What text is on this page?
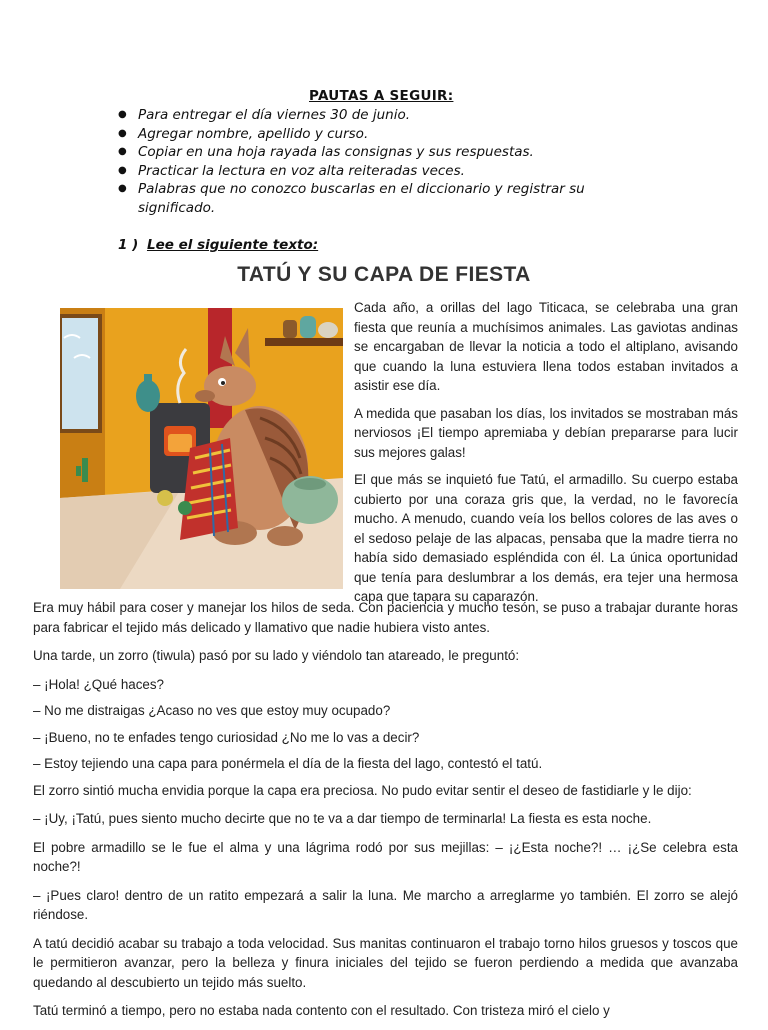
PAUTAS A SEGUIR:
● Para entregar el día viernes 30 de junio.
● Agregar nombre, apellido y curso.
● Copiar en una hoja rayada las consignas y sus respuestas.
● Practicar la lectura en voz alta reiteradas veces.
● Palabras que no conozco buscarlas en el diccionario y registrar su significado.
1 ) Lee el siguiente texto:
TATÚ Y SU CAPA DE FIESTA

Cada año, a orillas del lago Titicaca, se celebraba una gran fiesta que reunía a muchísimos animales. Las gaviotas andinas se encargaban de llevar la noticia a todo el altiplano, avisando que cuando la luna estuviera llena todos estaban invitados a asistir ese día.

A medida que pasaban los días, los invitados se mostraban más nerviosos ¡El tiempo apremiaba y debían prepararse para lucir sus mejores galas!

El que más se inquietó fue Tatú, el armadillo. Su cuerpo estaba cubierto por una coraza gris que, la verdad, no le favorecía mucho. A menudo, cuando veía los bellos colores de las aves o el sedoso pelaje de las alpacas, pensaba que la madre tierra no había sido demasiado espléndida con él. La única oportunidad que tenía para deslumbrar a los demás, era tejer una hermosa capa que tapara su caparazón.

Era muy hábil para coser y manejar los hilos de seda. Con paciencia y mucho tesón, se puso a trabajar durante horas para fabricar el tejido más delicado y llamativo que nadie hubiera visto antes.

Una tarde, un zorro (tiwula) pasó por su lado y viéndolo tan atareado, le preguntó:

– ¡Hola! ¿Qué haces?

– No me distraigas ¿Acaso no ves que estoy muy ocupado?

– ¡Bueno, no te enfades tengo curiosidad ¿No me lo vas a decir?

– Estoy tejiendo una capa para ponérmela el día de la fiesta del lago, contestó el tatú.

El zorro sintió mucha envidia porque la capa era preciosa. No pudo evitar sentir el deseo de fastidiarle y le dijo:

– ¡Uy, ¡Tatú, pues siento mucho decirte que no te va a dar tiempo de terminarla! La fiesta es esta noche.

El pobre armadillo se le fue el alma y una lágrima rodó por sus mejillas: – ¡¿Esta noche?! … ¡¿Se celebra esta noche?!

– ¡Pues claro! dentro de un ratito empezará a salir la luna. Me marcho a arreglarme yo también. El zorro se alejó riéndose.

A tatú decidió acabar su trabajo a toda velocidad. Sus manitas continuaron el trabajo torno hilos gruesos y toscos que le permitieron avanzar, pero la belleza y finura iniciales del tejido se fueron perdiendo a medida que avanzaba quedando al descubierto un tejido más suelto.

Tatú terminó a tiempo, pero no estaba nada contento con el resultado. Con tristeza miró el cielo y
